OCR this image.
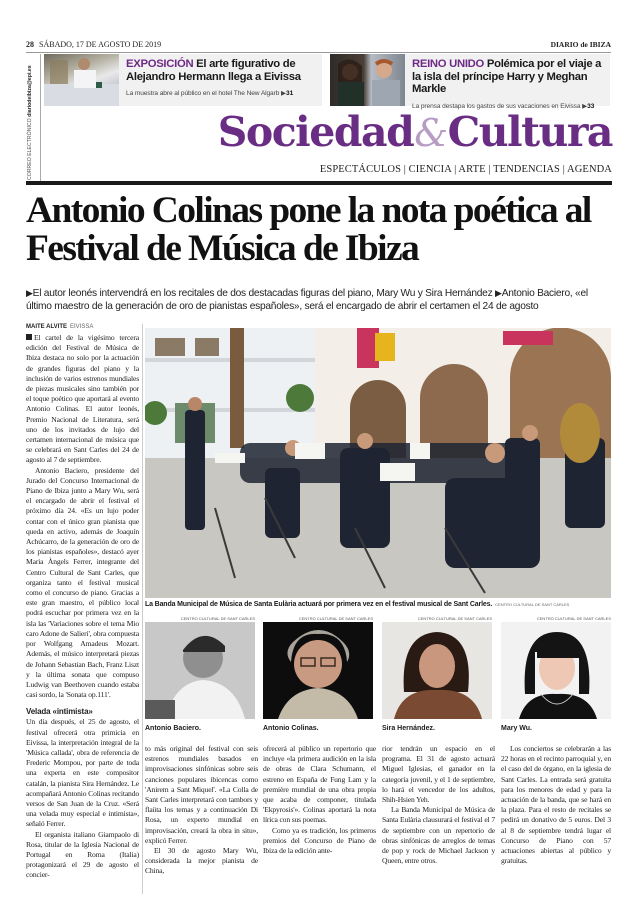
28 SÁBADO, 17 DE AGOSTO DE 2019	DIARIO de IBIZA
CORREO ELECTRÓNICO diariodeibiza@epi.es
EXPOSICIÓN El arte figurativo de Alejandro Hermann llega a Eivissa
La muestra abre al público en el hotel The New Algarb ▶31
REINO UNIDO Polémica por el viaje a la isla del príncipe Harry y Meghan Markle
La prensa destapa los gastos de sus vacaciones en Eivissa ▶33
Sociedad&Cultura
ESPECTÁCULOS | CIENCIA | ARTE | TENDENCIAS | AGENDA
Antonio Colinas pone la nota poética al Festival de Música de Ibiza
▶El autor leonés intervendrá en los recitales de dos destacadas figuras del piano, Mary Wu y Sira Hernández ▶Antonio Baciero, «el último maestro de la generación de oro de pianistas españoles», será el encargado de abrir el certamen el 24 de agosto
MAITE ALVITE EIVISSA

El cartel de la vigésimo tercera edición del Festival de Música de Ibiza destaca no solo por la actuación de grandes figuras del piano y la inclusión de varios estrenos mundiales de piezas musicales sino también por el toque poético que aportará al evento Antonio Colinas. El autor leonés, Premio Nacional de Literatura, será uno de los invitados de lujo del certamen internacional de música que se celebrará en Sant Carles del 24 de agosto al 7 de septiembre.

Antonio Baciero, presidente del Jurado del Concurso Internacional de Piano de Ibiza junto a Mary Wu, será el encargado de abrir el festival el próximo día 24. «Es un lujo poder contar con el único gran pianista que queda en activo, además de Joaquín Achúcarro, de la generación de oro de los pianistas españoles», destacó ayer Maria Àngels Ferrer, integrante del Centro Cultural de Sant Carles, que organiza tanto el festival musical como el concurso de piano. Gracias a este gran maestro, el público local podrá escuchar por primera vez en la isla las 'Variaciones sobre el tema Mio caro Adone de Salieri', obra compuesta por Wolfgang Amadeus Mozart. Además, el músico interpretará piezas de Johann Sebastian Bach, Franz Liszt y la última sonata que compuso Ludwig van Beethoven cuando estaba casi sordo, la 'Sonata op.111'.

Velada «intimista»

Un día después, el 25 de agosto, el festival ofrecerá otra primicia en Eivissa, la interpretación integral de la 'Música callada', obra de referencia de Frederic Mompou, por parte de toda una experta en este compositor catalán, la pianista Sira Hernández. Le acompañará Antonio Colinas recitando versos de San Juan de la Cruz. «Será una velada muy especial e intimista», señaló Ferrer.

El organista italiano Giampaolo di Rosa, titular de la Iglesia Nacional de Portugal en Roma (Italia) protagonizará el 29 de agosto el concier-

La Banda Municipal de Música de Santa Eulària actuará por primera vez en el festival musical de Sant Carles. CENTRO CULTURAL DE SANT CARLES
CENTRO CULTURAL DE SANT CARLES
Antonio Baciero.
CENTRO CULTURAL DE SANT CARLES
Antonio Colinas.
CENTRO CULTURAL DE SANT CARLES
Sira Hernández.
CENTRO CULTURAL DE SANT CARLES
Mary Wu.

to más original del festival con seis estrenos mundiales basados en improvisaciones sinfónicas sobre seis canciones populares ibicencas como 'Anirem a Sant Miquel'. «La Colla de Sant Carles interpretará con tambors y flaüta los temas y a continuación Di Rosa, un experto mundial en improvisación, creará la obra in situ», explicó Ferrer.

El 30 de agosto Mary Wu, considerada la mejor pianista de China,

ofrecerá al público un repertorio que incluye «la primera audición en la isla de obras de Clara Schumann, el estreno en España de Fung Lam y la première mundial de una obra propia que acaba de componer, titulada 'Ekpyrosis'». Colinas aportará la nota lírica con sus poemas.

Como ya es tradición, los primeros premios del Concurso de Piano de Ibiza de la edición ante-

rior tendrán un espacio en el programa. El 31 de agosto actuará Miguel Iglesias, el ganador en la categoría juvenil, y el 1 de septiembre, lo hará el vencedor de los adultos, Shih-Hsien Yeh.

La Banda Municipal de Música de Santa Eulària clausurará el festival el 7 de septiembre con un repertorio de obras sinfónicas de arreglos de temas de pop y rock de Michael Jackson y Queen, entre otros.

Los conciertos se celebrarán a las 22 horas en el recinto parroquial y, en el caso del de órgano, en la iglesia de Sant Carles. La entrada será gratuita para los menores de edad y para la actuación de la banda, que se hará en la plaza. Para el resto de recitales se pedirá un donativo de 5 euros. Del 3 al 8 de septiembre tendrá lugar el Concurso de Piano con 57 actuaciones abiertas al público y gratuitas.
